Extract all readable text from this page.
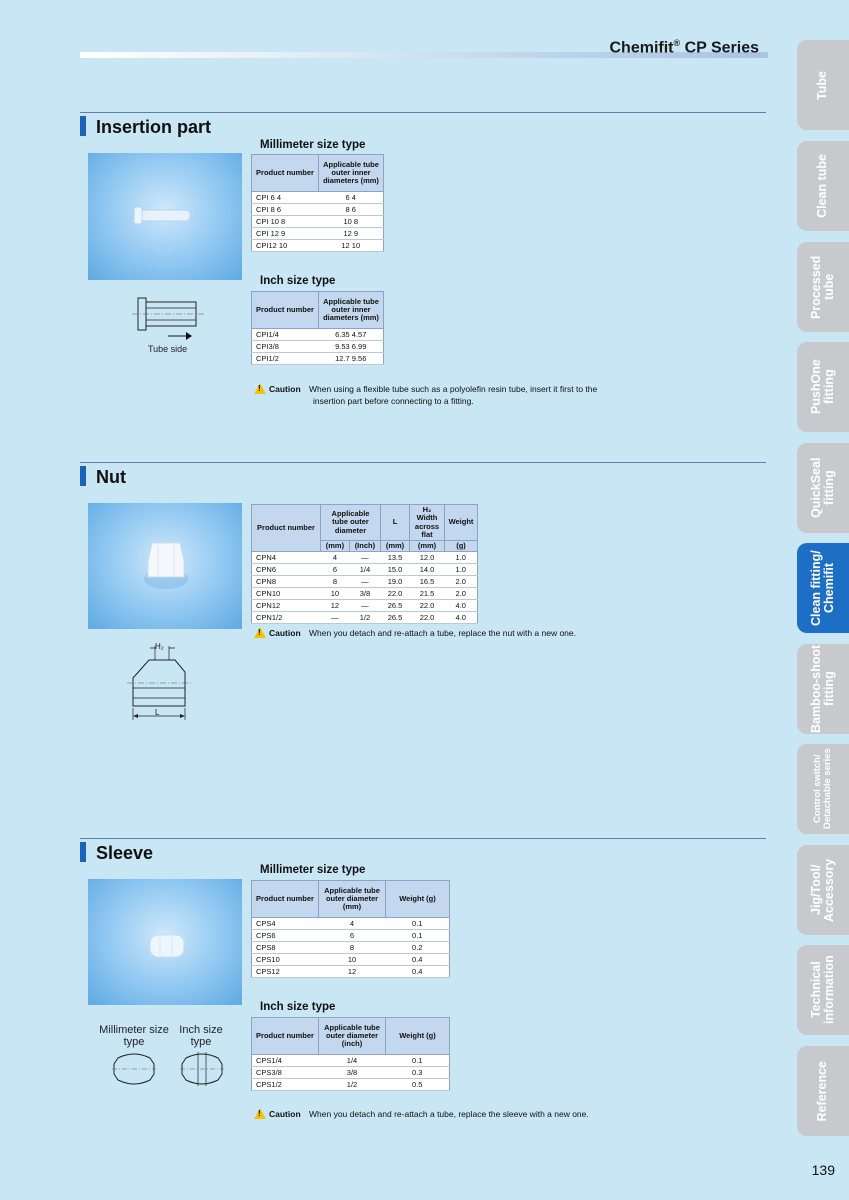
Chemifit® CP Series
Tube
Clean tube
Processed tube
PushOne fitting
QuickSeal fitting
Clean fitting/ Chemifit
Bamboo-shoot fitting
Control switch/ Detachable series
Jig/Tool/ Accessory
Technical information
Reference
Insertion part
Millimeter size type
Product number	Applicable tube outer inner diameters (mm)
CPI 6 4	6 4
CPI 8 6	8 6
CPI 10 8	10 8
CPI 12 9	12 9
CPI12 10	12 10
Inch size type
Product number	Applicable tube outer inner diameters (mm)
CPI1/4	6.35 4.57
CPI3/8	9.53 6.99
CPI1/2	12.7 9.56
Tube side
!Caution When using a flexible tube such as a polyolefin resin tube, insert it first to the
insertion part before connecting to a fitting.
Nut
Product number	Applicable tube outer diameter		L	H₂ Width across flat	Weight
	(mm)	(Inch)	(mm)	(mm)	(g)
CPN4	4	—	13.5	12.0	1.0
CPN6	6	1/4	15.0	14.0	1.0
CPN8	8	—	19.0	16.5	2.0
CPN10	10	3/8	22.0	21.5	2.0
CPN12	12	—	26.5	22.0	4.0
CPN1/2	—	1/2	26.5	22.0	4.0
!Caution When you detach and re-attach a tube, replace the nut with a new one.
H₂
L
Sleeve
Millimeter size type
Product number	Applicable tube outer diameter (mm)	Weight (g)
CPS4	4	0.1
CPS6	6	0.1
CPS8	8	0.2
CPS10	10	0.4
CPS12	12	0.4
Inch size type
Product number	Applicable tube outer diameter (inch)	Weight (g)
CPS1/4	1/4	0.1
CPS3/8	3/8	0.3
CPS1/2	1/2	0.5
Millimeter size type
Inch size type
!Caution When you detach and re-attach a tube, replace the sleeve with a new one.
139
